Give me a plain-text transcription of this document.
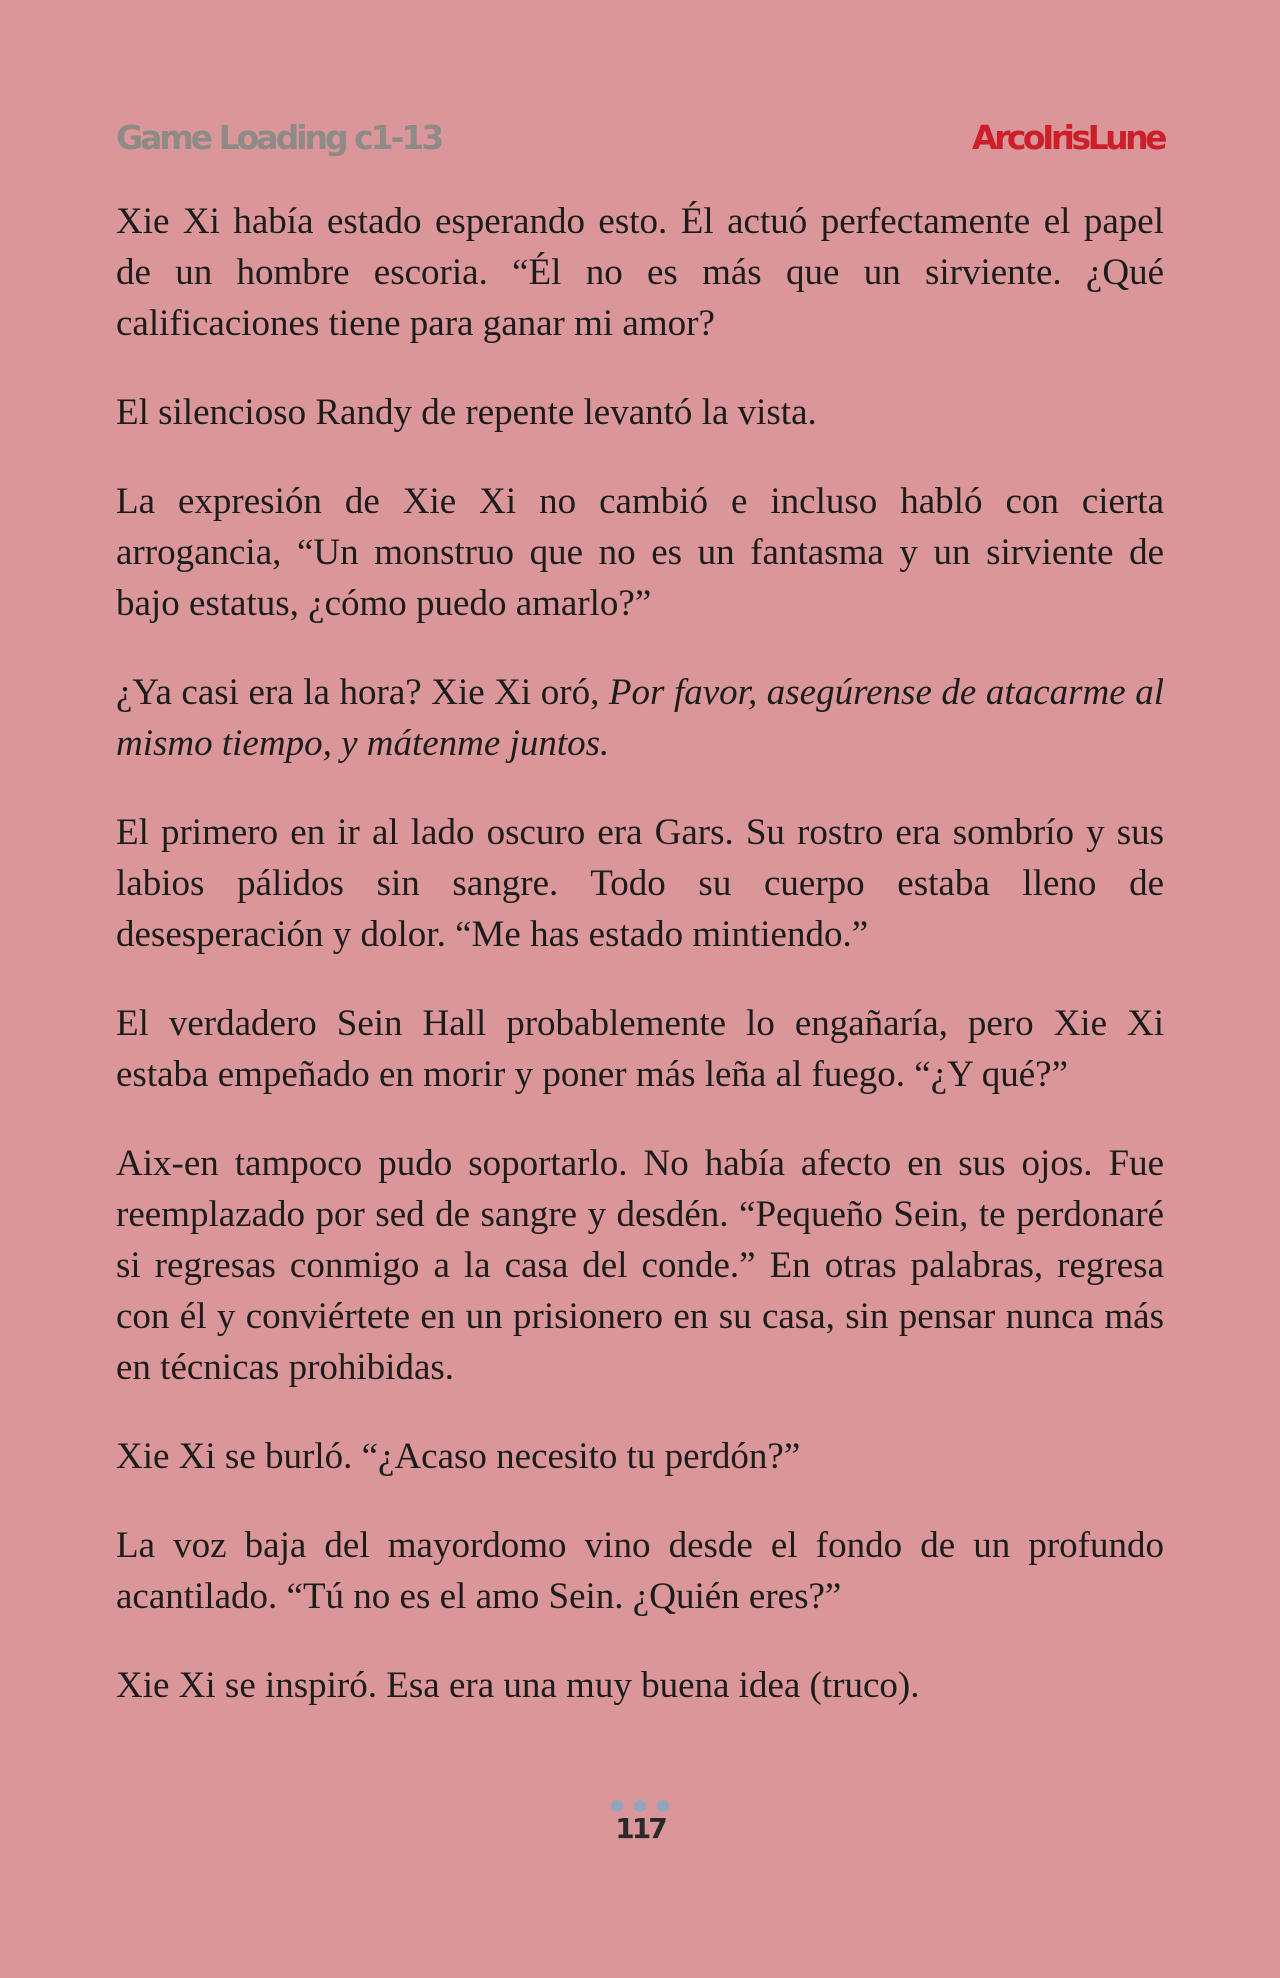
Game Loading c1-13	ArcoIrisLune

Xie Xi había estado esperando esto. Él actuó perfectamente el papel de un hombre escoria. “Él no es más que un sirviente. ¿Qué calificaciones tiene para ganar mi amor?

El silencioso Randy de repente levantó la vista.

La expresión de Xie Xi no cambió e incluso habló con cierta arrogancia, “Un monstruo que no es un fantasma y un sirviente de bajo estatus, ¿cómo puedo amarlo?”

¿Ya casi era la hora? Xie Xi oró, Por favor, asegúrense de atacarme al mismo tiempo, y mátenme juntos.

El primero en ir al lado oscuro era Gars. Su rostro era sombrío y sus labios pálidos sin sangre. Todo su cuerpo estaba lleno de desesperación y dolor. “Me has estado mintiendo.”

El verdadero Sein Hall probablemente lo engañaría, pero Xie Xi estaba empeñado en morir y poner más leña al fuego. “¿Y qué?”

Aix-en tampoco pudo soportarlo. No había afecto en sus ojos. Fue reemplazado por sed de sangre y desdén. “Pequeño Sein, te perdonaré si regresas conmigo a la casa del conde.” En otras palabras, regresa con él y conviértete en un prisionero en su casa, sin pensar nunca más en técnicas prohibidas.

Xie Xi se burló. “¿Acaso necesito tu perdón?”

La voz baja del mayordomo vino desde el fondo de un profundo acantilado. “Tú no es el amo Sein. ¿Quién eres?”

Xie Xi se inspiró. Esa era una muy buena idea (truco).

117
